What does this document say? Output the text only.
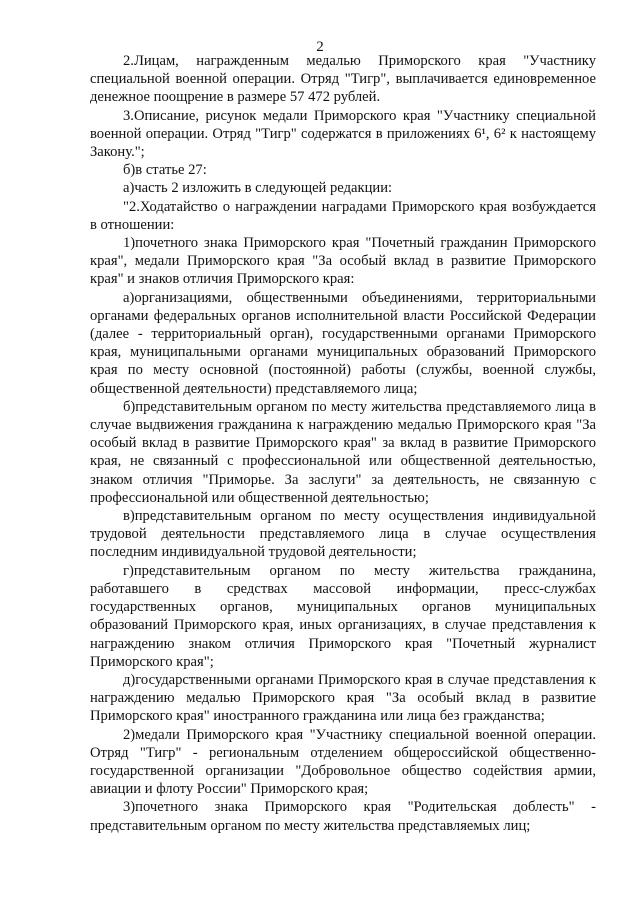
2

2.Лицам, награжденным медалью Приморского края "Участнику специальной военной операции. Отряд "Тигр", выплачивается единовременное денежное поощрение в размере 57 472 рублей.

3.Описание, рисунок медали Приморского края "Участнику специальной военной операции. Отряд "Тигр" содержатся в приложениях 6¹, 6² к настоящему Закону.";

б)в статье 27:

а)часть 2 изложить в следующей редакции:

"2.Ходатайство о награждении наградами Приморского края возбуждается в отношении:

1)почетного знака Приморского края "Почетный гражданин Приморского края", медали Приморского края "За особый вклад в развитие Приморского края" и знаков отличия Приморского края:

а)организациями, общественными объединениями, территориальными органами федеральных органов исполнительной власти Российской Федерации (далее - территориальный орган), государственными органами Приморского края, муниципальными органами муниципальных образований Приморского края по месту основной (постоянной) работы (службы, военной службы, общественной деятельности) представляемого лица;

б)представительным органом по месту жительства представляемого лица в случае выдвижения гражданина к награждению медалью Приморского края "За особый вклад в развитие Приморского края" за вклад в развитие Приморского края, не связанный с профессиональной или общественной деятельностью, знаком отличия "Приморье. За заслуги" за деятельность, не связанную с профессиональной или общественной деятельностью;

в)представительным органом по месту осуществления индивидуальной трудовой деятельности представляемого лица в случае осуществления последним индивидуальной трудовой деятельности;

г)представительным органом по месту жительства гражданина, работавшего в средствах массовой информации, пресс-службах государственных органов, муниципальных органов муниципальных образований Приморского края, иных организациях, в случае представления к награждению знаком отличия Приморского края "Почетный журналист Приморского края";

д)государственными органами Приморского края в случае представления к награждению медалью Приморского края "За особый вклад в развитие Приморского края" иностранного гражданина или лица без гражданства;

2)медали Приморского края "Участнику специальной военной операции. Отряд "Тигр" - региональным отделением общероссийской общественно-государственной организации "Добровольное общество содействия армии, авиации и флоту России" Приморского края;

3)почетного знака Приморского края "Родительская доблесть" - представительным органом по месту жительства представляемых лиц;
